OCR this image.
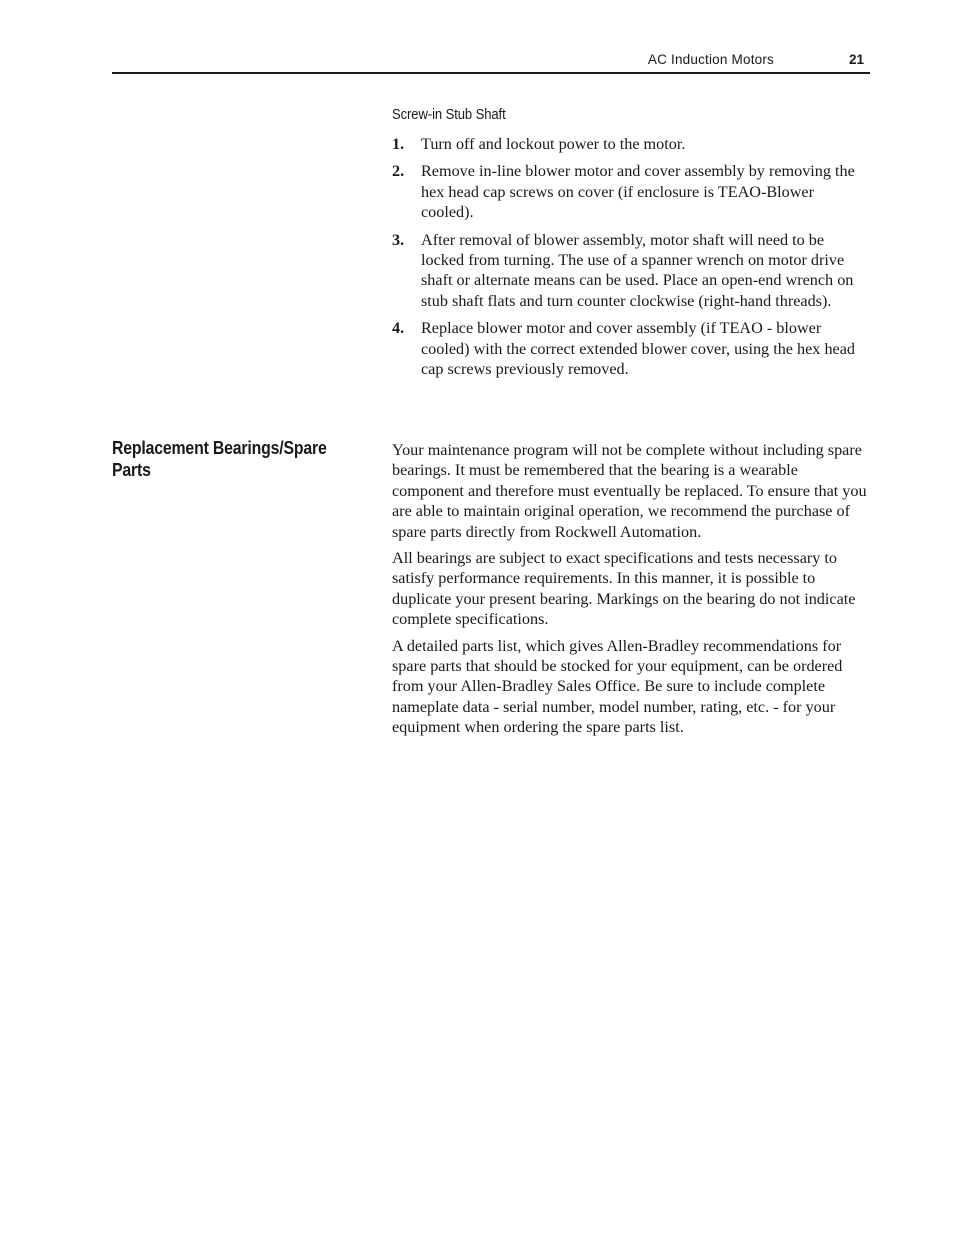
AC Induction Motors	21
Screw-in Stub Shaft
1.	Turn off and lockout power to the motor.
2.	Remove in-line blower motor and cover assembly by removing the hex head cap screws on cover (if enclosure is TEAO-Blower cooled).
3.	After removal of blower assembly, motor shaft will need to be locked from turning. The use of a spanner wrench on motor drive shaft or alternate means can be used. Place an open-end wrench on stub shaft flats and turn counter clockwise (right-hand threads).
4.	Replace blower motor and cover assembly (if TEAO - blower cooled) with the correct extended blower cover, using the hex head cap screws previously removed.
Replacement Bearings/Spare Parts

Your maintenance program will not be complete without including spare bearings. It must be remembered that the bearing is a wearable component and therefore must eventually be replaced. To ensure that you are able to maintain original operation, we recommend the purchase of spare parts directly from Rockwell Automation.

All bearings are subject to exact specifications and tests necessary to satisfy performance requirements. In this manner, it is possible to duplicate your present bearing. Markings on the bearing do not indicate complete specifications.

A detailed parts list, which gives Allen-Bradley recommendations for spare parts that should be stocked for your equipment, can be ordered from your Allen-Bradley Sales Office. Be sure to include complete nameplate data - serial number, model number, rating, etc. - for your equipment when ordering the spare parts list.
